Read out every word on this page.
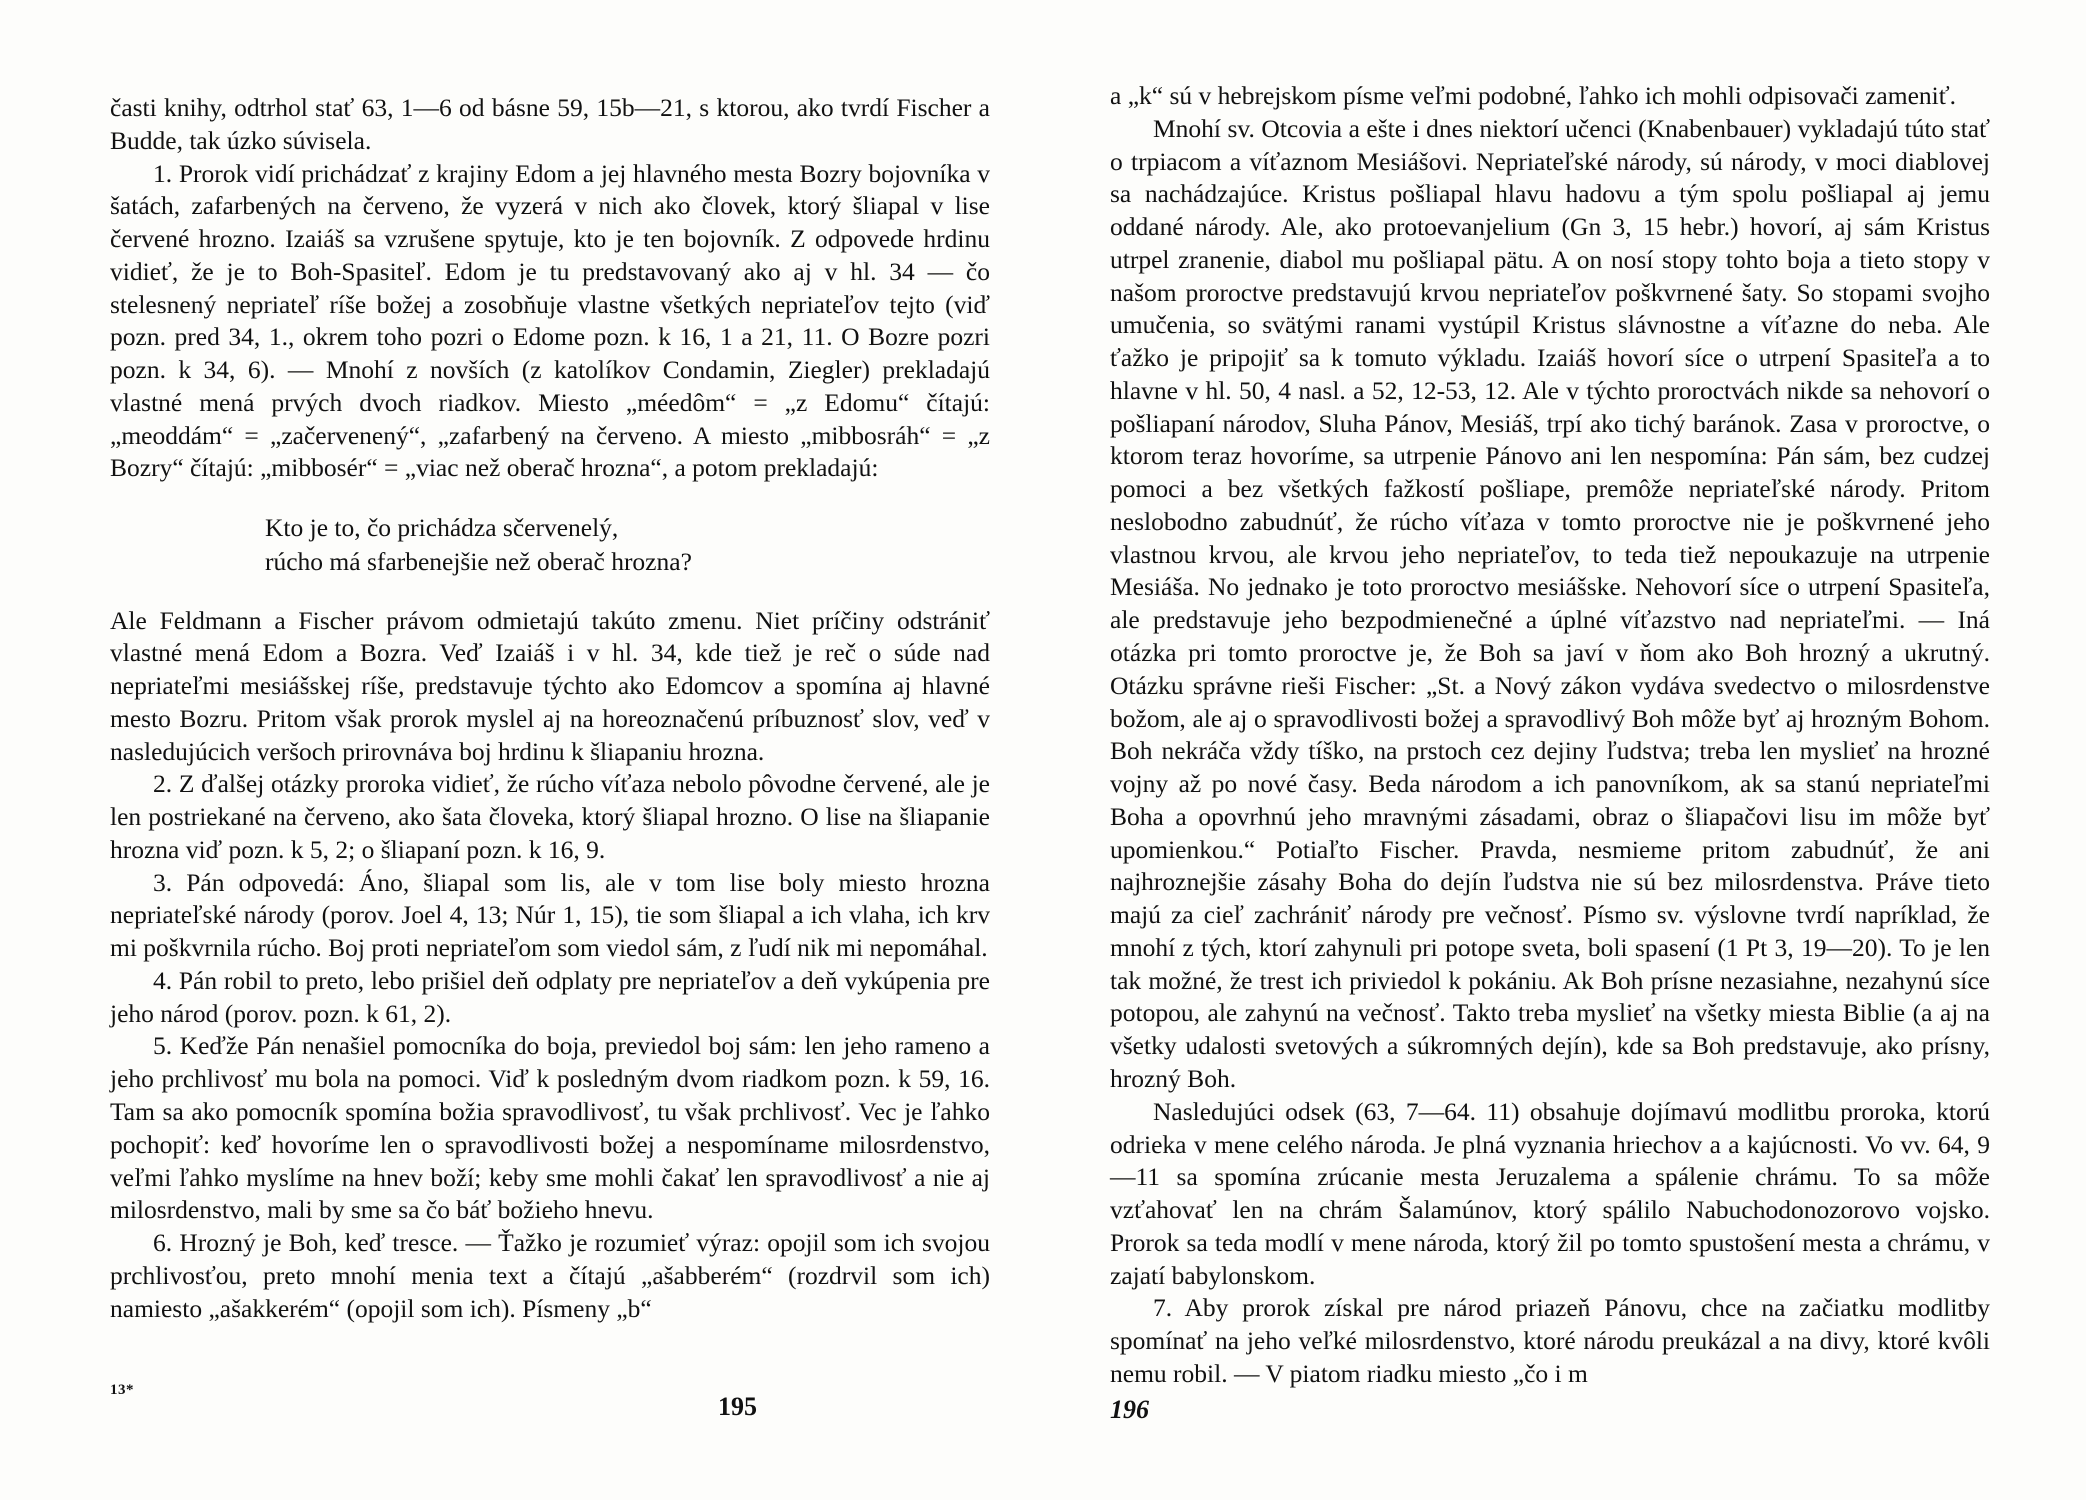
časti knihy, odtrhol stať 63, 1—6 od básne 59, 15b—21, s ktorou, ako tvrdí Fischer a Budde, tak úzko súvisela.

1. Prorok vidí prichádzať z krajiny Edom a jej hlavného mesta Bozry bojovníka v šatách, zafarbených na červeno, že vyzerá v nich ako človek, ktorý šliapal v lise červené hrozno. Izaiáš sa vzrušene spytuje, kto je ten bojovník. Z odpovede hrdinu vidieť, že je to Boh-Spasiteľ. Edom je tu predstavovaný ako aj v hl. 34 — čo stelesnený nepriateľ ríše božej a zosobňuje vlastne všetkých nepriateľov tejto (viď pozn. pred 34, 1., okrem toho pozri o Edome pozn. k 16, 1 a 21, 11. O Bozre pozri pozn. k 34, 6). — Mnohí z novších (z katolíkov Condamin, Ziegler) prekladajú vlastné mená prvých dvoch riadkov. Miesto „méedôm“ = „z Edomu“ čítajú: „meoddám“ = „začervenený“, „zafarbený na červeno. A miesto „mibbosráh“ = „z Bozry“ čítajú: „mibbosér“ = „viac než oberač hrozna“, a potom prekladajú:

Kto je to, čo prichádza sčervenelý,
rúcho má sfarbenejšie než oberač hrozna?

Ale Feldmann a Fischer právom odmietajú takúto zmenu. Niet príčiny odstrániť vlastné mená Edom a Bozra. Veď Izaiáš i v hl. 34, kde tiež je reč o súde nad nepriateľmi mesiášskej ríše, predstavuje týchto ako Edomcov a spomína aj hlavné mesto Bozru. Pritom však prorok myslel aj na horeoznačenú príbuznosť slov, veď v nasledujúcich veršoch prirovnáva boj hrdinu k šliapaniu hrozna.

2. Z ďalšej otázky proroka vidieť, že rúcho víťaza nebolo pôvodne červené, ale je len postriekané na červeno, ako šata človeka, ktorý šliapal hrozno. O lise na šliapanie hrozna viď pozn. k 5, 2; o šliapaní pozn. k 16, 9.

3. Pán odpovedá: Áno, šliapal som lis, ale v tom lise boly miesto hrozna nepriateľské národy (porov. Joel 4, 13; Núr 1, 15), tie som šliapal a ich vlaha, ich krv mi poškvrnila rúcho. Boj proti nepriateľom som viedol sám, z ľudí nik mi nepomáhal.

4. Pán robil to preto, lebo prišiel deň odplaty pre nepriateľov a deň vykúpenia pre jeho národ (porov. pozn. k 61, 2).

5. Keďže Pán nenašiel pomocníka do boja, previedol boj sám: len jeho rameno a jeho prchlivosť mu bola na pomoci. Viď k posledným dvom riadkom pozn. k 59, 16. Tam sa ako pomocník spomína božia spravodlivosť, tu však prchlivosť. Vec je ľahko pochopiť: keď hovoríme len o spravodlivosti božej a nespomíname milosrdenstvo, veľmi ľahko myslíme na hnev boží; keby sme mohli čakať len spravodlivosť a nie aj milosrdenstvo, mali by sme sa čo báť božieho hnevu.

6. Hrozný je Boh, keď tresce. — Ťažko je rozumieť výraz: opojil som ich svojou prchlivosťou, preto mnohí menia text a čítajú „ašabberém“ (rozdrvil som ich) namiesto „ašakkerém“ (opojil som ich). Písmeny „b“

13*
195

a „k“ sú v hebrejskom písme veľmi podobné, ľahko ich mohli odpisovači zameniť.

Mnohí sv. Otcovia a ešte i dnes niektorí učenci (Knabenbauer) vykladajú túto stať o trpiacom a víťaznom Mesiášovi. Nepriateľské národy, sú národy, v moci diablovej sa nachádzajúce. Kristus pošliapal hlavu hadovu a tým spolu pošliapal aj jemu oddané národy. Ale, ako protoevanjelium (Gn 3, 15 hebr.) hovorí, aj sám Kristus utrpel zranenie, diabol mu pošliapal pätu. A on nosí stopy tohto boja a tieto stopy v našom proroctve predstavujú krvou nepriateľov poškvrnené šaty. So stopami svojho umučenia, so svätými ranami vystúpil Kristus slávnostne a víťazne do neba. Ale ťažko je pripojiť sa k tomuto výkladu. Izaiáš hovorí síce o utrpení Spasiteľa a to hlavne v hl. 50, 4 nasl. a 52, 12-53, 12. Ale v týchto proroctvách nikde sa nehovorí o pošliapaní národov, Sluha Pánov, Mesiáš, trpí ako tichý baránok. Zasa v proroctve, o ktorom teraz hovoríme, sa utrpenie Pánovo ani len nespomína: Pán sám, bez cudzej pomoci a bez všetkých fažkostí pošliape, premôže nepriateľské národy. Pritom neslobodno zabudnúť, že rúcho víťaza v tomto proroctve nie je poškvrnené jeho vlastnou krvou, ale krvou jeho nepriateľov, to teda tiež nepoukazuje na utrpenie Mesiáša. No jednako je toto proroctvo mesiášske. Nehovorí síce o utrpení Spasiteľa, ale predstavuje jeho bezpodmienečné a úplné víťazstvo nad nepriateľmi. — Iná otázka pri tomto proroctve je, že Boh sa javí v ňom ako Boh hrozný a ukrutný. Otázku správne rieši Fischer: „St. a Nový zákon vydáva svedectvo o milosrdenstve božom, ale aj o spravodlivosti božej a spravodlivý Boh môže byť aj hrozným Bohom. Boh nekráča vždy tíško, na prstoch cez dejiny ľudstva; treba len myslieť na hrozné vojny až po nové časy. Beda národom a ich panovníkom, ak sa stanú nepriateľmi Boha a opovrhnú jeho mravnými zásadami, obraz o šliapačovi lisu im môže byť upomienkou.“ Potiaľto Fischer. Pravda, nesmieme pritom zabudnúť, že ani najhroznejšie zásahy Boha do dejín ľudstva nie sú bez milosrdenstva. Práve tieto majú za cieľ zachrániť národy pre večnosť. Písmo sv. výslovne tvrdí napríklad, že mnohí z tých, ktorí zahynuli pri potope sveta, boli spasení (1 Pt 3, 19—20). To je len tak možné, že trest ich priviedol k pokániu. Ak Boh prísne nezasiahne, nezahynú síce potopou, ale zahynú na večnosť. Takto treba myslieť na všetky miesta Biblie (a aj na všetky udalosti svetových a súkromných dejín), kde sa Boh predstavuje, ako prísny, hrozný Boh.

Nasledujúci odsek (63, 7—64. 11) obsahuje dojímavú modlitbu proroka, ktorú odrieka v mene celého národa. Je plná vyznania hriechov a a kajúcnosti. Vo vv. 64, 9—11 sa spomína zrúcanie mesta Jeruzalema a spálenie chrámu. To sa môže vzťahovať len na chrám Šalamúnov, ktorý spálilo Nabuchodonozorovo vojsko. Prorok sa teda modlí v mene národa, ktorý žil po tomto spustošení mesta a chrámu, v zajatí babylonskom.

7. Aby prorok získal pre národ priazeň Pánovu, chce na začiatku modlitby spomínať na jeho veľké milosrdenstvo, ktoré národu preukázal a na divy, ktoré kvôli nemu robil. — V piatom riadku miesto „čo i m

196
